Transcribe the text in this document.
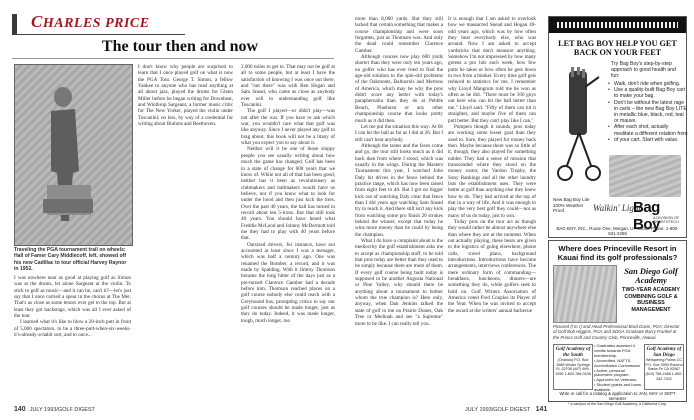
CHARLES PRICE
The tour then and now
Traveling the PGA tournament trail on wheels: Hall of Famer Cary Middlecoff, left, showed off his new Cadillac to tour official Harvey Raynor in 1952.

I was nowhere near as good at playing golf as Simon was at the drums, let alone Sargeant at the violin. To stick to golf as music—and it can be, can't it?—let's just say that I once carried a spear in the chorus at The Met. That's as close as some tenors ever get to the top. But at least they got backstage, which was all I ever asked of the tour.

I learned what it's like to blow a 20-inch putt in front of 5,000 spectators, to be a three-putt-when-six-weeks-it's-already-a-habit sort, and to once...

I don't know why people are surprised to learn that I once played golf on what is now the PGA Tour. George T. Simon, a fellow Yankee to anyone who has read anything at all about jazz, played the drums for Glenn Miller before he began writing for Downbeat, and Winthrop Sargeant, a former music critic for The New Yorker, played the violin under Toscanini; no less, by way of a credential for writing about Brahms and Beethoven.

2,000 miles to get to. That may not be golf at all to some people, but at least I have the satisfaction of knowing I was once out there, and "out there" was with Ben Hogan and Sam Snead, who came as close as anybody ever will to understanding golf like Toscanini.

The golf I played—or didn't play—was not after the war. If you have to ask which war, you wouldn't care what that golf was like anyway. Since I never played any golf to brag about, this book will not be a litany of what you expect you to say about it.

Neither will it be one of those sloppy people you see usually writing about how much the game has changed. Golf has been in a state of change for 600 years that we know of. While not all of that has been good, neither has it been as revolutionary as clubmakers and ballmakers would have us believe, nor if you know what to look for under the hood and then just kick the tires. Over the past 40 years, the ball has turned in record about ten 5-irons. But that still took 40 years. You should have heard what Freddie McLeod and Johnny McDermott told me they had to play with 40 years before that.

Outsized drivers, for instance, have not accounted at least since I was a teenager, which was half a century ago. One was renamed the Bomber, a record, and it was made by Spalding. With it Jimmy Thomson became the long hitter of the days just as a pre-turned Clarence Gamber had a decade before him. Thomson reached places on a golf course nobody else could reach with a Greyhound bus, prompting critics to say our golf courses should be made longer, just as they do today. Indeed, it was made longer, tough, much longer, too

140 JULY 1993/GOLF DIGEST

more than 8,000 yards. But they still lacked that certain something that makes a course championship and were soon forgotten, just as Thomson was. And only the dead could remember Clarence Gamber.

Although courses now play 600 yards shorter than they were only ten years ago, no golfer who has ever tried to find the age-old solution to the spin-old problems of the Oakmonts, Baltusrols and Mertons of America, which may be why the pros didn't score any better with today's paraphernalia than they do at Pebble Beach, Pinehurst or any other championship course that looks pretty much as it did then.

Let me put the situation this way: At 66 I can hit the ball as far as I did at 26. But I still can't hear anybody.

Although the tastes and the faces come and go, the tour still looks much as it did back then from where I stood, which was usually in the wings. During the Masters Tournament this year, I watched John Daly hit drives in the fence behind the practice range, which has now been raised from eight feet to 40. But I got no bigger kick out of watching Daly clear that fence than I did years ago watching Sam Snead try to reach it. And there still isn't any kick from watching some pro finish 20 strokes behind the winner, except that today he wins more money than he could by being the champion.

What I do have a complaint about is the mediocrity the golf establishment asks me to accept as championship stuff, to be told that pros today are better than they used to be simply because there are more of them. If every golf course being built today is supposed to be another Augusta National or Pine Valley, why should there be anything about a tournament to bother whom the true champion is? Here only, anyway, when Dan Jenkins talked the state of golf to me on Prairie Dunes, Oak Tree or Medinah and see "a Supreme" more to be like. I can really tell you.

It is enough that I am asked to overlook how we massacred Snead and Hogan 40-odd years ago, which was by how often they beat everybody else, who was around. Now I am asked to accept yardsticks that don't measure anything. Somehow I'm not impressed by how many greens a pro hits each week, how few putts he takes or how often he gets down in two from a bunker. Every time golf gets reduced to statistics for me, I remember why Lloyd Mangrum told me he won as often as he did. "There must be 100 guys out here who can hit the ball better than me," Lloyd said. "Fifty of them can hit it straighter, and maybe five of them can putt better. But they can't play like I can."

Pumpers though it sounds, pros today are working some lesser goal than they used to. Sure, they played for money back then. Maybe because there was so little of it, though, they also played for something nobler. They had a sense of mission that transcended where they stood on the money roster, the Vardon Trophy, the Sony Rankings and all the other laundry lists the establishment uses. They were better at golf than anything else they knew how to do. They had arrived at the top of that in a way of life. And it was enough to play the very best golf they could—not as many of us do today, just to win.

Today pros on the tour act as though they would rather be almost anywhere else than where they are at the moment. When out actually playing, these bears are given to the logistics of going elsewhere, phone calls, travel plans, background introductions. Introductions have become arrangements, interviews conferences. The mere ordinary form of commanding—breakfasts, luncheons, dinners—are something they do, while golfers seek to hold on. Golf Writers Association of America voted Fred Couples its Player of the Year. When he was invited to accept the award at the writers' annual barbecue

LET BAG BOY HELP YOU GET BACK ON YOUR FEET
Try Bag Boy's step-by-step approach to good health and fun:
• Walk, don't ride when golfing.
• Use a quality-built Bag Boy cart to make your bag.
• Don't be without the latest rage in carts – the new Bag Boy LITE in metallic blue, black, red, teal or mauve.
• After each shot, actually meditate a different rotation from
• of your cart. Start with value.
New Bag Boy Lite 100% Weather Proof.	Walkin' Light
Bag Boy
A DIVISION OF SPORTSTECH
BAG BOY, INC., Route One, Morgan, UT 84050 Phone: 1-800-531-2268
Where does Princeville Resort in Kauai find its golf professionals?
San Diego Golf Academy
TWO-YEAR ACADEMY COMBINING GOLF & BUSINESS MANAGEMENT
Pictured (l to r) and Head Professional Brad Davis, PGA; Director of Golf Bob Higgins, PGA and SDGA Graduate Barry Frankel at the Prince Golf and Country Club, Princeville, Hawaii.
Golf Academy of the South
(Orlando) P.O. Box 3689 Winter Springs FL 32708 (407) 699-1990 1-800-786-0108
• Graduates awarded 4 credits towards PGA membership.
• Accredited, NATTS, Accreditation Commission
• Active, personal placement program.
• Approved for Veterans.
• Student grants and loans available.
Golf Academy of San Diego
Whispering Palms CC P.O. Box 3050 Rancho Santa Fe CA 92067 (619) 756-2486 1-800-342-7342
Write or call for a catalog & application to JAN, MAY or SEPT semester
* a campus of the San Diego Golf Academy, a California Corp.
JULY 1993/GOLF DIGEST 141
